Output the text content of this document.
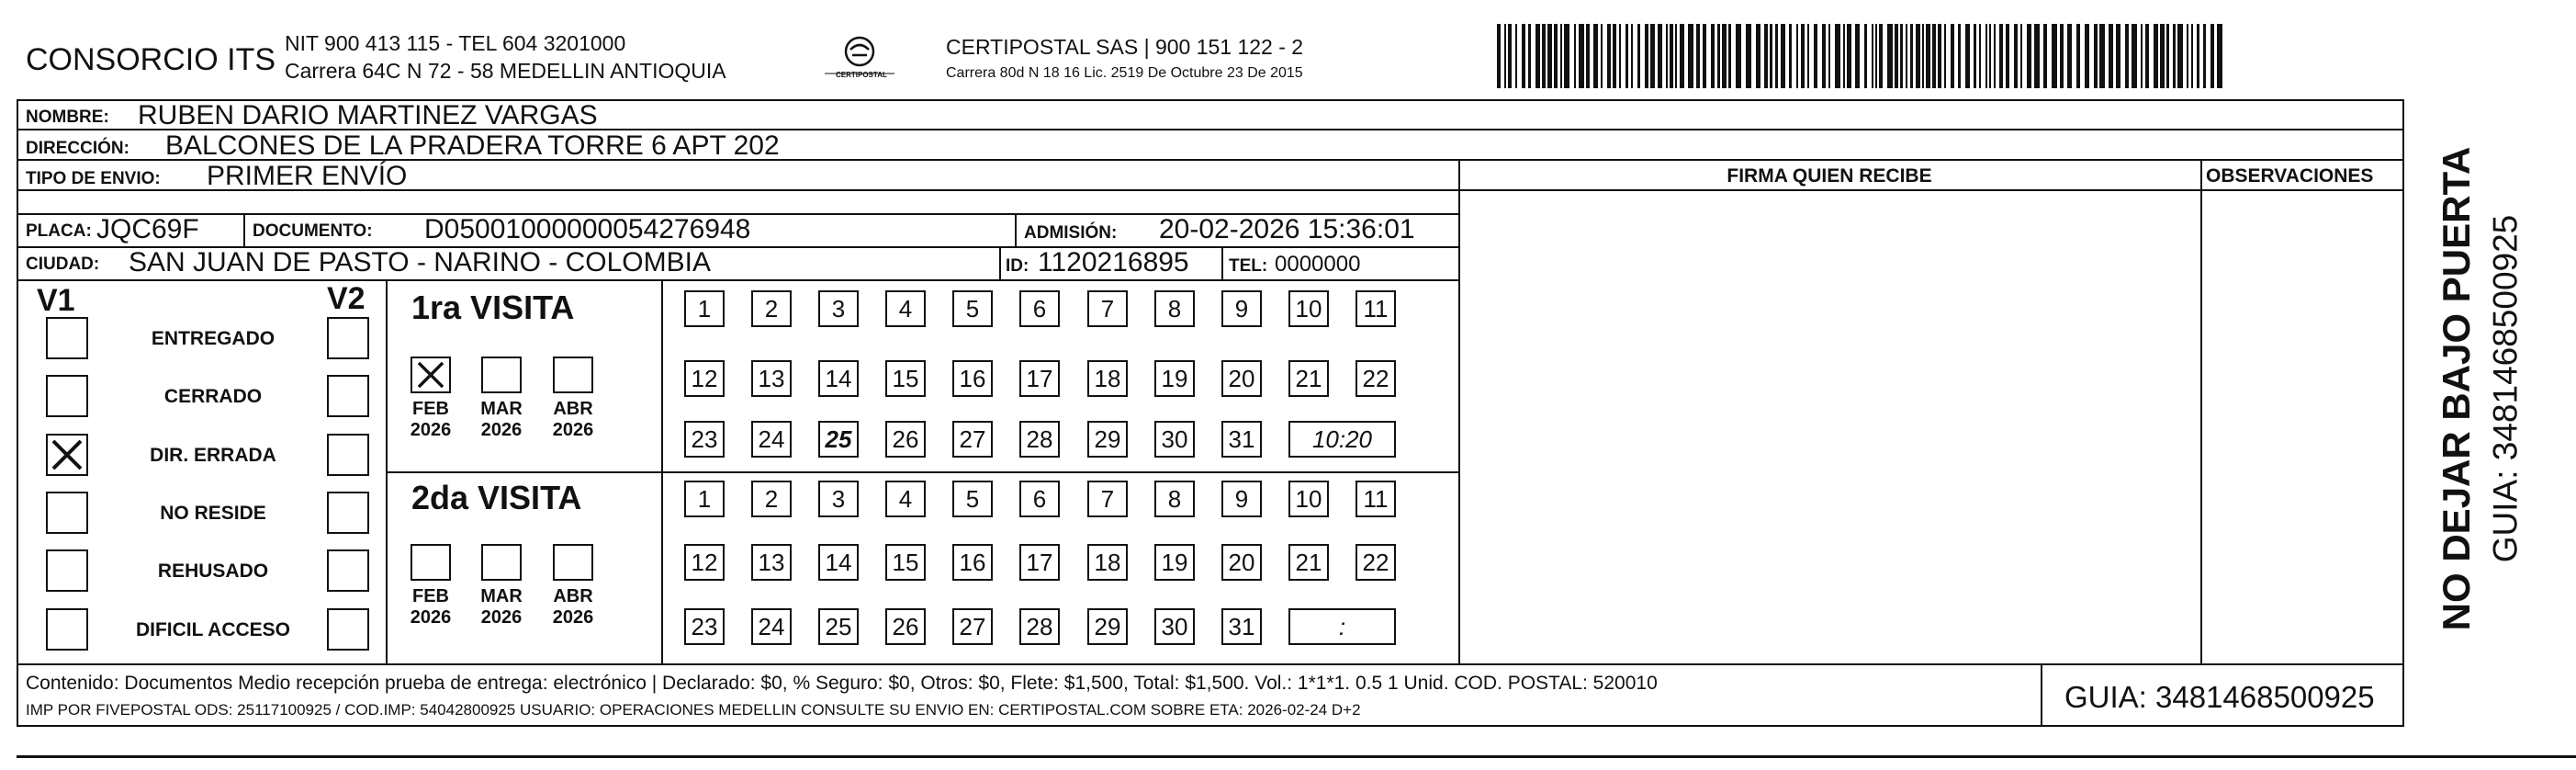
CONSORCIO ITS NIT 900 413 115 - TEL 604 3201000
Carrera 64C N 72 - 58 MEDELLIN ANTIOQUIA	CERTIPOSTAL
CERTIPOSTAL SAS | 900 151 122 - 2
Carrera 80d N 18 16 Lic. 2519 De Octubre 23 De 2015
NOMBRE: RUBEN DARIO MARTINEZ VARGAS
DIRECCIÓN: BALCONES DE LA PRADERA TORRE 6 APT 202
TIPO DE ENVIO: PRIMER ENVÍO	FIRMA QUIEN RECIBE	OBSERVACIONES
PLACA: JQC69F	DOCUMENTO: D05001000000054276948	ADMISIÓN: 20-02-2026 15:36:01
CIUDAD: SAN JUAN DE PASTO - NARINO - COLOMBIA	ID: 1120216895 TEL: 0000000
V1	V2
ENTREGADO
CERRADO
DIR. ERRADA
NO RESIDE
REHUSADO
DIFICIL ACCESO
1ra VISITA
2da VISITA
FEB
2026
MAR
2026
ABR
2026
FEB
2026
MAR
2026
ABR
2026
1	2	3	4	5	6	7	8	9	10	11
12 13 14 15 16 17 18 19 20 21 22
23 24 25 26 27 28 29 30 31	10:20
1	2	3	4	5	6	7	8	9	10	11
12 13 14 15 16 17 18 19 20 21 22
23 24 25 26 27 28 29 30 31	:
Contenido: Documentos Medio recepción prueba de entrega: electrónico | Declarado: $0, % Seguro: $0, Otros: $0, Flete: $1,500, Total: $1,500. Vol.: 1*1*1. 0.5 1 Unid. COD. POSTAL: 520010
IMP POR FIVEPOSTAL ODS: 25117100925 / COD.IMP: 54042800925 USUARIO: OPERACIONES MEDELLIN CONSULTE SU ENVIO EN: CERTIPOSTAL.COM SOBRE ETA: 2026-02-24 D+2	GUIA: 3481468500925
NO DEJAR BAJO PUERTA GUIA: 3481468500925
